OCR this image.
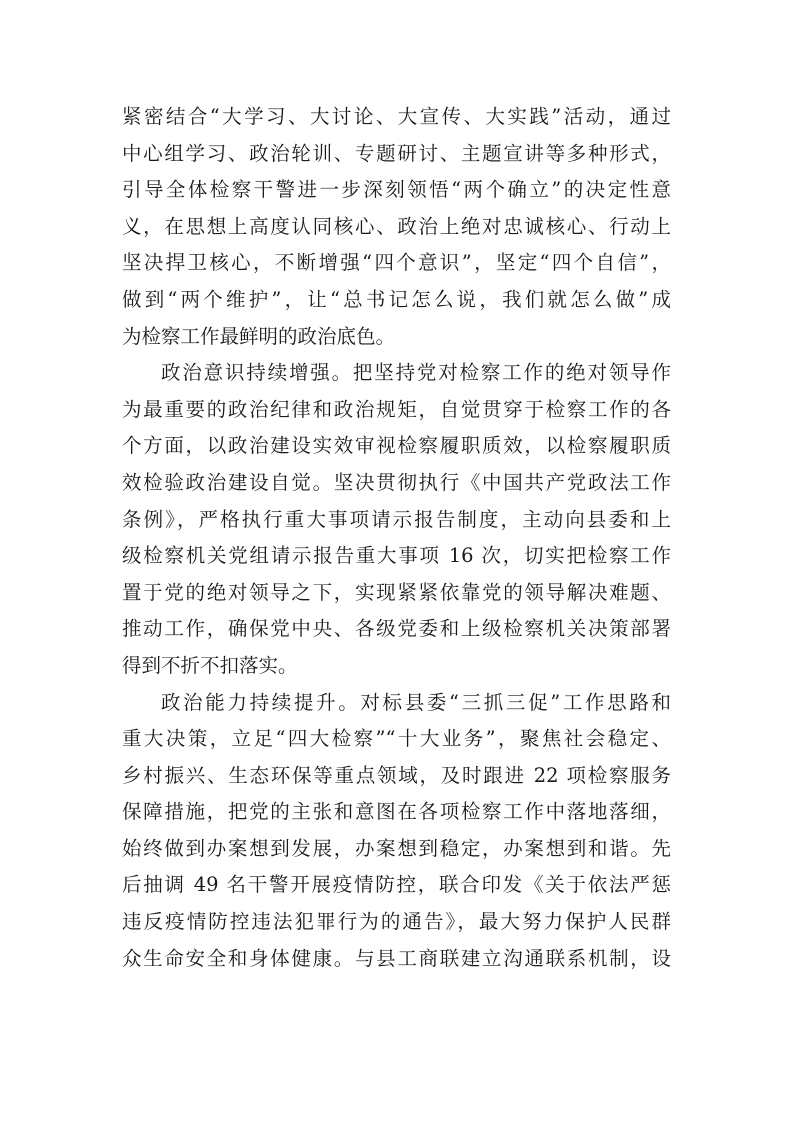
紧密结合“大学习、大讨论、大宣传、大实践”活动，通过
中心组学习、政治轮训、专题研讨、主题宣讲等多种形式，
引导全体检察干警进一步深刻领悟“两个确立”的决定性意
义，在思想上高度认同核心、政治上绝对忠诚核心、行动上
坚决捍卫核心，不断增强“四个意识”，坚定“四个自信”，
做到“两个维护”，让“总书记怎么说，我们就怎么做”成
为检察工作最鲜明的政治底色。
政治意识持续增强。把坚持党对检察工作的绝对领导作
为最重要的政治纪律和政治规矩，自觉贯穿于检察工作的各
个方面，以政治建设实效审视检察履职质效，以检察履职质
效检验政治建设自觉。坚决贯彻执行《中国共产党政法工作
条例》，严格执行重大事项请示报告制度，主动向县委和上
级检察机关党组请示报告重大事项 16 次，切实把检察工作
置于党的绝对领导之下，实现紧紧依靠党的领导解决难题、
推动工作，确保党中央、各级党委和上级检察机关决策部署
得到不折不扣落实。
政治能力持续提升。对标县委“三抓三促”工作思路和
重大决策，立足“四大检察”“十大业务”，聚焦社会稳定、
乡村振兴、生态环保等重点领域，及时跟进 22 项检察服务
保障措施，把党的主张和意图在各项检察工作中落地落细，
始终做到办案想到发展，办案想到稳定，办案想到和谐。先
后抽调 49 名干警开展疫情防控，联合印发《关于依法严惩
违反疫情防控违法犯罪行为的通告》，最大努力保护人民群
众生命安全和身体健康。与县工商联建立沟通联系机制，设
